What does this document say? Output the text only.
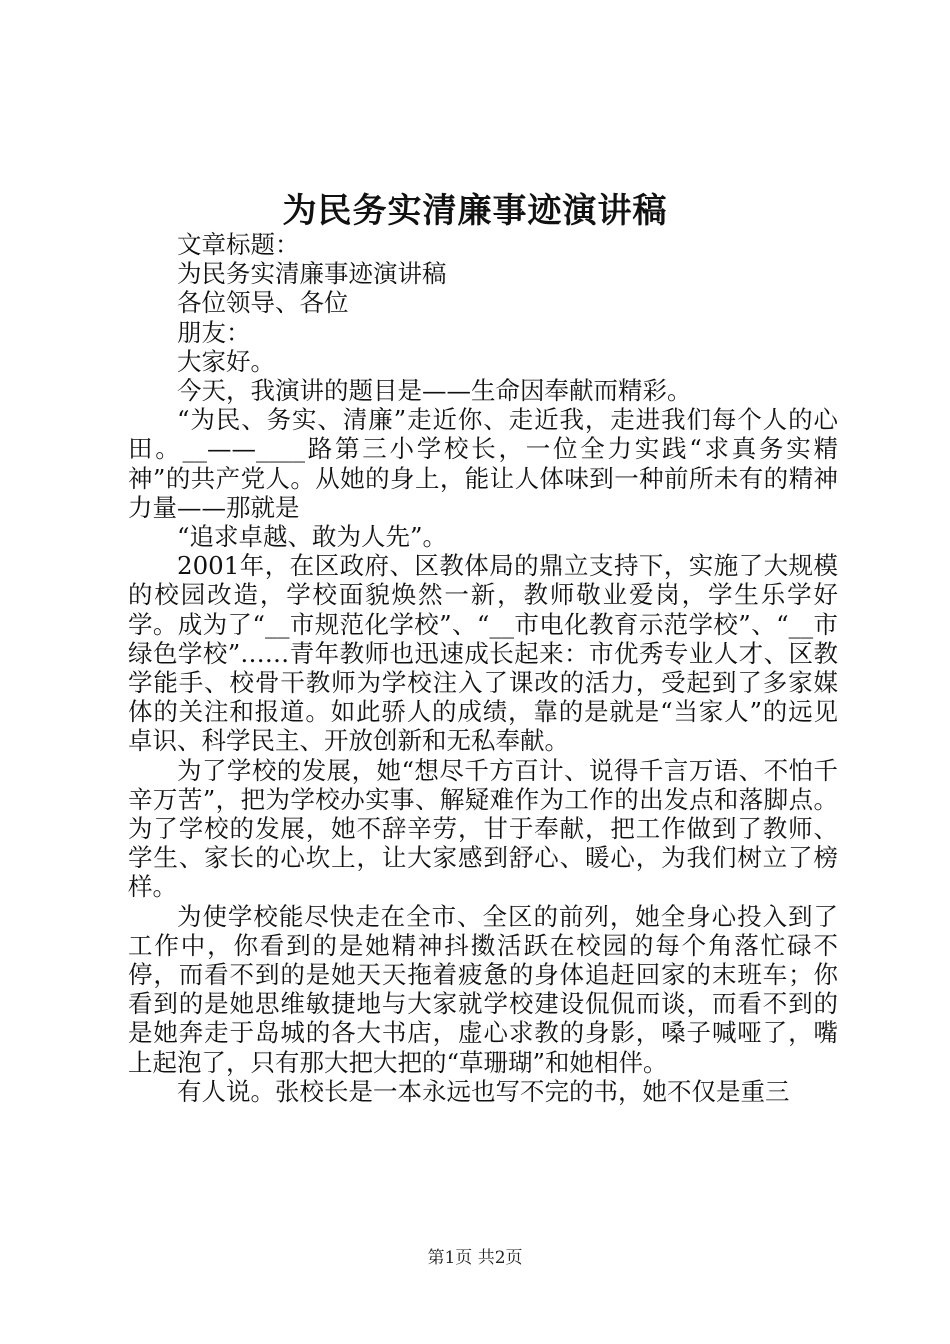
为民务实清廉事迹演讲稿

文章标题：

为民务实清廉事迹演讲稿

各位领导、各位

朋友：

大家好。

今天，我演讲的题目是——生命因奉献而精彩。

“为民、务实、清廉”走近你、走近我，走进我们每个人的心田。__——____路第三小学校长，一位全力实践“求真务实精神”的共产党人。从她的身上，能让人体味到一种前所未有的精神力量——那就是

“追求卓越、敢为人先”。

2001年，在区政府、区教体局的鼎立支持下，实施了大规模的校园改造，学校面貌焕然一新，教师敬业爱岗，学生乐学好学。成为了“__市规范化学校”、“__市电化教育示范学校”、“__市绿色学校”……青年教师也迅速成长起来：市优秀专业人才、区教学能手、校骨干教师为学校注入了课改的活力，受起到了多家媒体的关注和报道。如此骄人的成绩，靠的是就是“当家人”的远见卓识、科学民主、开放创新和无私奉献。

为了学校的发展，她“想尽千方百计、说得千言万语、不怕千辛万苦”，把为学校办实事、解疑难作为工作的出发点和落脚点。为了学校的发展，她不辞辛劳，甘于奉献，把工作做到了教师、学生、家长的心坎上，让大家感到舒心、暖心，为我们树立了榜样。

为使学校能尽快走在全市、全区的前列，她全身心投入到了工作中，你看到的是她精神抖擞活跃在校园的每个角落忙碌不停，而看不到的是她天天拖着疲惫的身体追赶回家的末班车；你看到的是她思维敏捷地与大家就学校建设侃侃而谈，而看不到的是她奔走于岛城的各大书店，虚心求教的身影，嗓子喊哑了，嘴上起泡了，只有那大把大把的“草珊瑚”和她相伴。

有人说。张校长是一本永远也写不完的书，她不仅是重三

第1页 共2页
